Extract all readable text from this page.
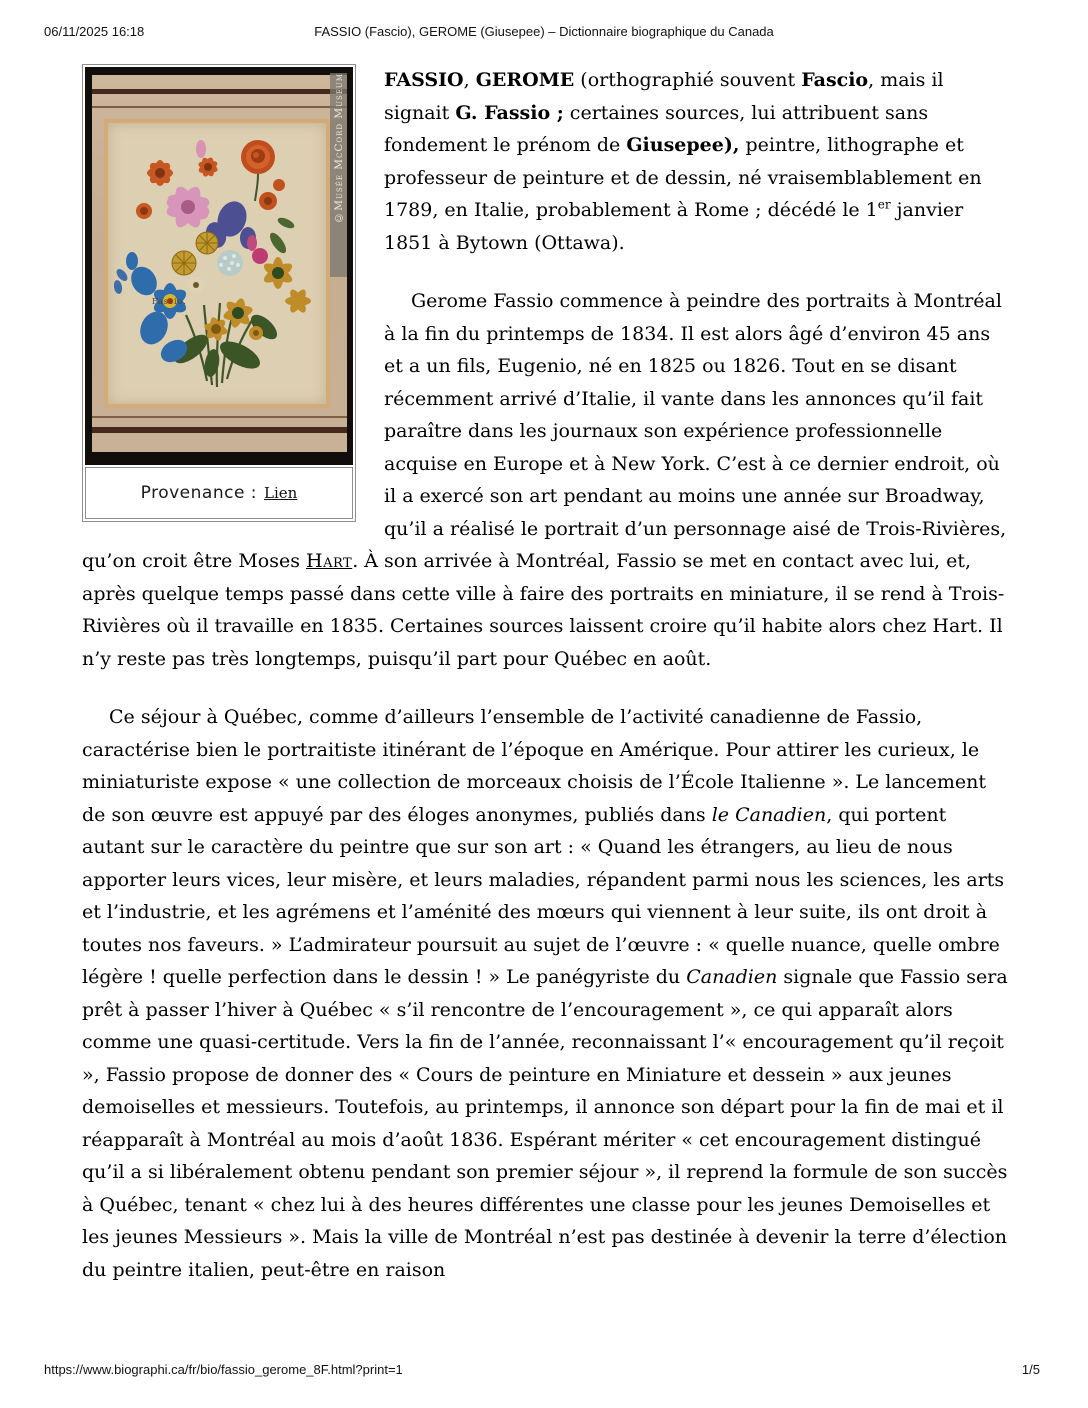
06/11/2025 16:18	FASSIO (Fascio), GEROME (Giusepee) – Dictionnaire biographique du Canada
Fassio.
©Musée McCord Museum
Provenance : Lien

FASSIO, GEROME (orthographié souvent Fascio, mais il signait G. Fassio ; certaines sources, lui attribuent sans fondement le prénom de Giusepee), peintre, lithographe et professeur de peinture et de dessin, né vraisemblablement en 1789, en Italie, probablement à Rome ; décédé le 1er janvier 1851 à Bytown (Ottawa).

Gerome Fassio commence à peindre des portraits à Montréal à la fin du printemps de 1834. Il est alors âgé d’environ 45 ans et a un fils, Eugenio, né en 1825 ou 1826. Tout en se disant récemment arrivé d’Italie, il vante dans les annonces qu’il fait paraître dans les journaux son expérience professionnelle acquise en Europe et à New York. C’est à ce dernier endroit, où il a exercé son art pendant au moins une année sur Broadway, qu’il a réalisé le portrait d’un personnage aisé de Trois-Rivières, qu’on croit être Moses Hart. À son arrivée à Montréal, Fassio se met en contact avec lui, et, après quelque temps passé dans cette ville à faire des portraits en miniature, il se rend à Trois-Rivières où il travaille en 1835. Certaines sources laissent croire qu’il habite alors chez Hart. Il n’y reste pas très longtemps, puisqu’il part pour Québec en août.

Ce séjour à Québec, comme d’ailleurs l’ensemble de l’activité canadienne de Fassio, caractérise bien le portraitiste itinérant de l’époque en Amérique. Pour attirer les curieux, le miniaturiste expose « une collection de morceaux choisis de l’École Italienne ». Le lancement de son œuvre est appuyé par des éloges anonymes, publiés dans le Canadien, qui portent autant sur le caractère du peintre que sur son art : « Quand les étrangers, au lieu de nous apporter leurs vices, leur misère, et leurs maladies, répandent parmi nous les sciences, les arts et l’industrie, et les agrémens et l’aménité des mœurs qui viennent à leur suite, ils ont droit à toutes nos faveurs. » L’admirateur poursuit au sujet de l’œuvre : « quelle nuance, quelle ombre légère ! quelle perfection dans le dessin ! » Le panégyriste du Canadien signale que Fassio sera prêt à passer l’hiver à Québec « s’il rencontre de l’encouragement », ce qui apparaît alors comme une quasi-certitude. Vers la fin de l’année, reconnaissant l’« encouragement qu’il reçoit », Fassio propose de donner des « Cours de peinture en Miniature et dessein » aux jeunes demoiselles et messieurs. Toutefois, au printemps, il annonce son départ pour la fin de mai et il réapparaît à Montréal au mois d’août 1836. Espérant mériter « cet encouragement distingué qu’il a si libéralement obtenu pendant son premier séjour », il reprend la formule de son succès à Québec, tenant « chez lui à des heures différentes une classe pour les jeunes Demoiselles et les jeunes Messieurs ». Mais la ville de Montréal n’est pas destinée à devenir la terre d’élection du peintre italien, peut-être en raison

https://www.biographi.ca/fr/bio/fassio_gerome_8F.html?print=1	1/5
